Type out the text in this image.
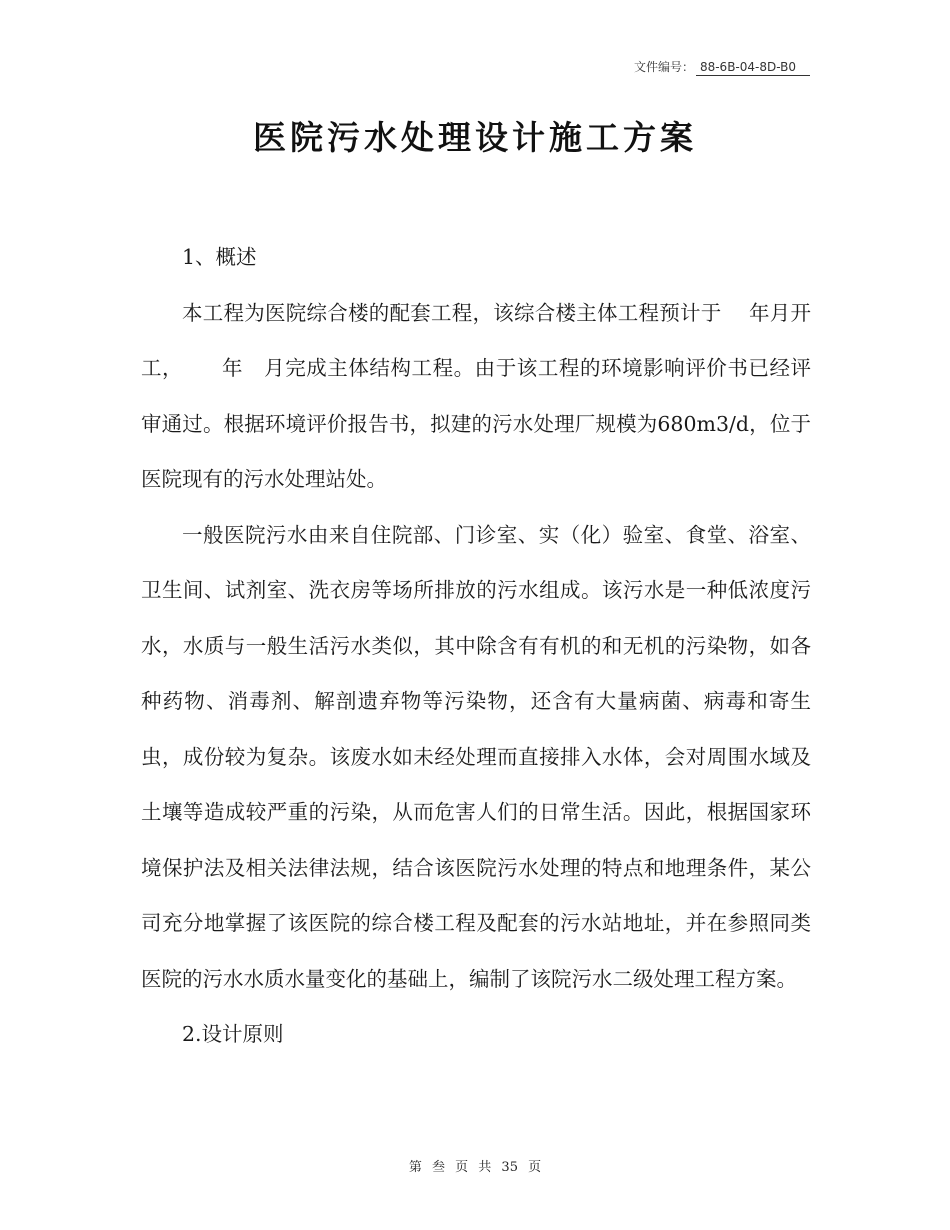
文件编号： 88-6B-04-8D-B0
医院污水处理设计施工方案

1、概述

本工程为医院综合楼的配套工程，该综合楼主体工程预计于　 年月开工，　　 年　月完成主体结构工程。由于该工程的环境影响评价书已经评审通过。根据环境评价报告书，拟建的污水处理厂规模为680m3/d，位于医院现有的污水处理站处。

一般医院污水由来自住院部、门诊室、实（化）验室、食堂、浴室、卫生间、试剂室、洗衣房等场所排放的污水组成。该污水是一种低浓度污水，水质与一般生活污水类似，其中除含有有机的和无机的污染物，如各种药物、消毒剂、解剖遗弃物等污染物，还含有大量病菌、病毒和寄生虫，成份较为复杂。该废水如未经处理而直接排入水体，会对周围水域及土壤等造成较严重的污染，从而危害人们的日常生活。因此，根据国家环境保护法及相关法律法规，结合该医院污水处理的特点和地理条件，某公司充分地掌握了该医院的综合楼工程及配套的污水站地址，并在参照同类医院的污水水质水量变化的基础上，编制了该院污水二级处理工程方案。

2.设计原则

第 叁 页 共 35 页
